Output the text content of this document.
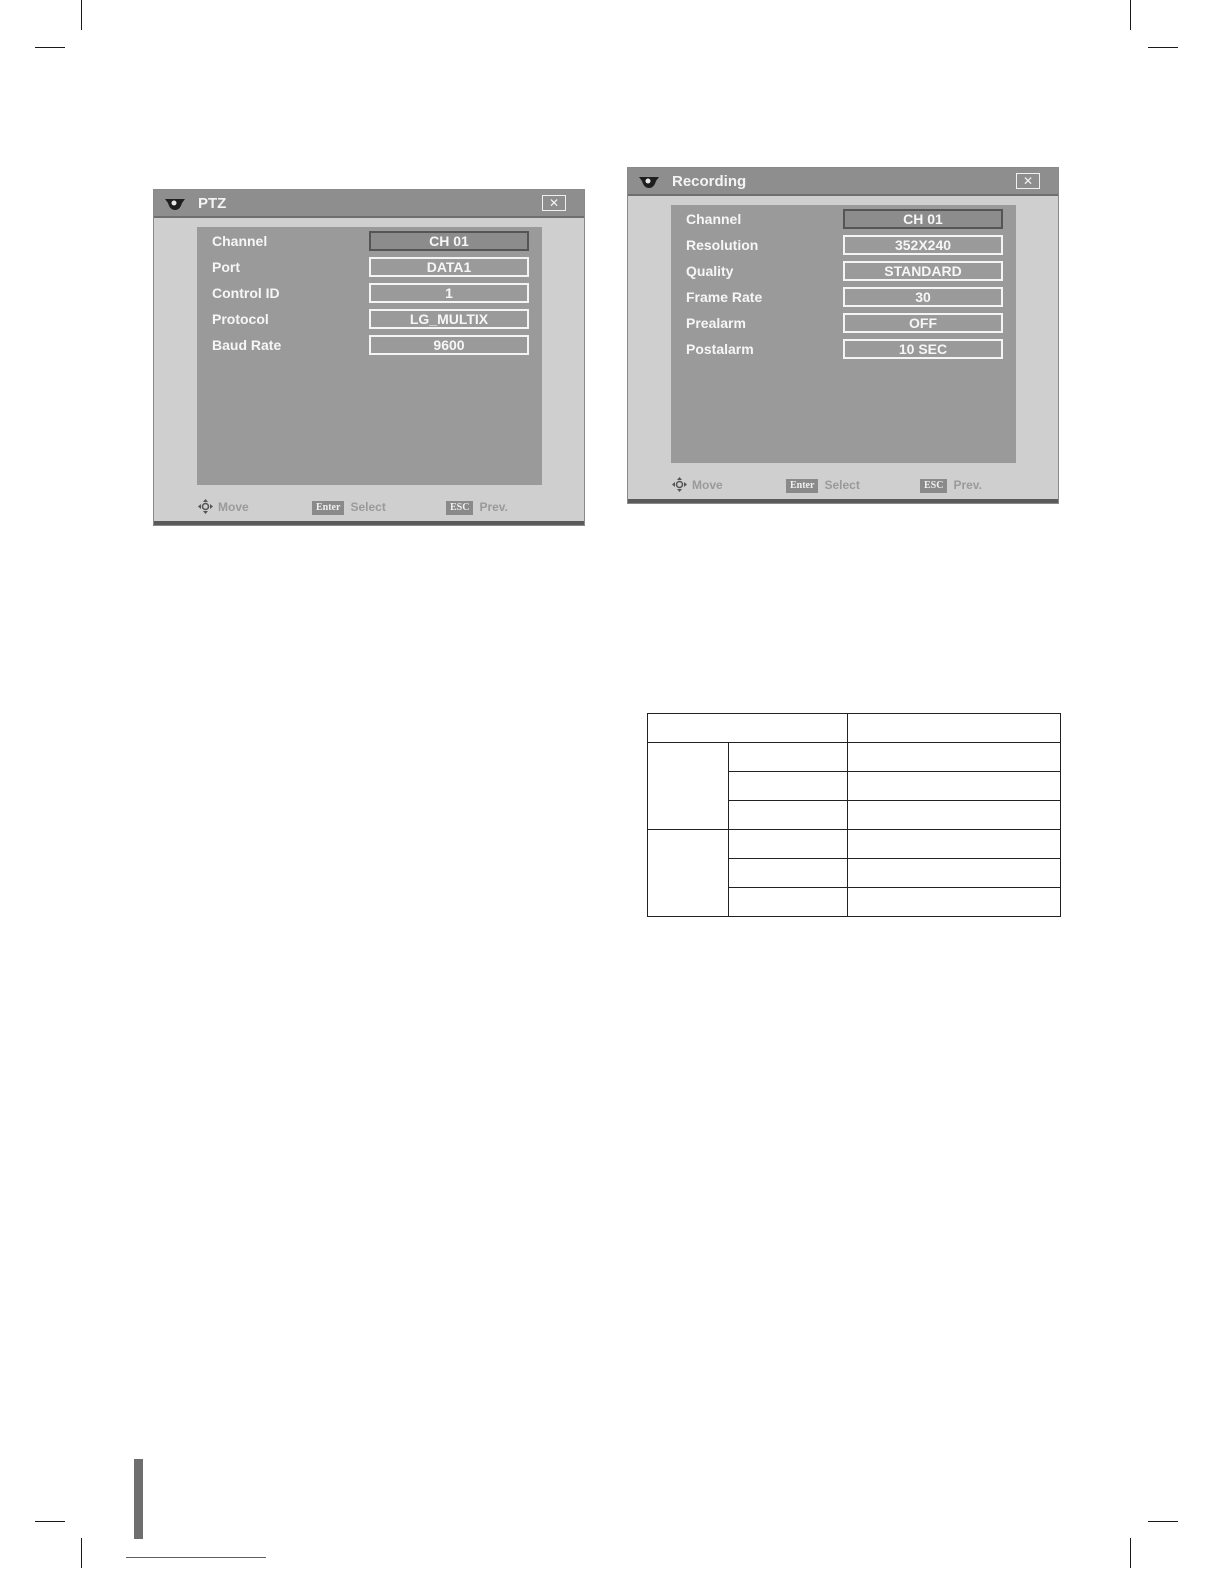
PTZ	✕
Channel	CH 01
Port	DATA1
Control ID	1
Protocol	LG_MULTIX
Baud Rate	9600
Move	Enter Select	ESC Prev.
Recording	✕
Channel	CH 01
Resolution	352X240
Quality	STANDARD
Frame Rate	30
Prealarm	OFF
Postalarm	10 SEC
Move	Enter Select	ESC Prev.
